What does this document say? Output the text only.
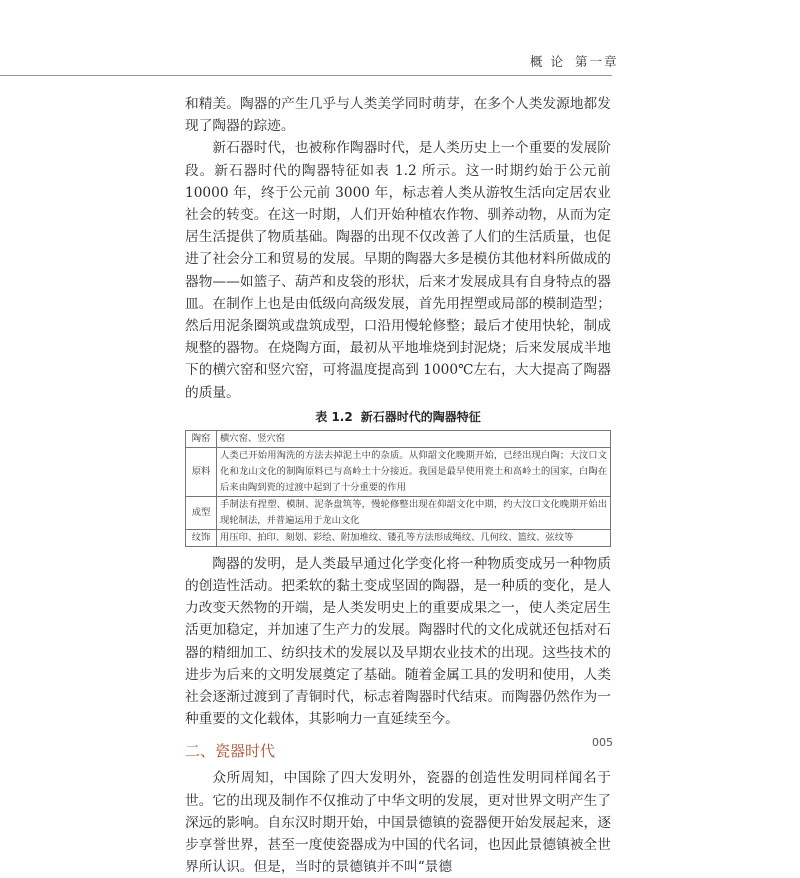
概 论 第一章

和精美。陶器的产生几乎与人类美学同时萌芽，在多个人类发源地都发现了陶器的踪迹。

新石器时代，也被称作陶器时代，是人类历史上一个重要的发展阶段。新石器时代的陶器特征如表 1.2 所示。这一时期约始于公元前 10000 年，终于公元前 3000 年，标志着人类从游牧生活向定居农业社会的转变。在这一时期，人们开始种植农作物、驯养动物，从而为定居生活提供了物质基础。陶器的出现不仅改善了人们的生活质量，也促进了社会分工和贸易的发展。早期的陶器大多是模仿其他材料所做成的器物——如篮子、葫芦和皮袋的形状，后来才发展成具有自身特点的器皿。在制作上也是由低级向高级发展，首先用捏塑或局部的模制造型；然后用泥条圈筑或盘筑成型，口沿用慢轮修整；最后才使用快轮，制成规整的器物。在烧陶方面，最初从平地堆烧到封泥烧；后来发展成半地下的横穴窑和竖穴窑，可将温度提高到 1000℃左右，大大提高了陶器的质量。

表 1.2 新石器时代的陶器特征
陶窑	横穴窑、竖穴窑
原料	人类已开始用淘洗的方法去掉泥土中的杂质。从仰韶文化晚期开始，已经出现白陶；大汶口文化和龙山文化的制陶原料已与高岭土十分接近。我国是最早使用瓷土和高岭土的国家，白陶在后来由陶到瓷的过渡中起到了十分重要的作用
成型	手制法有捏塑、模制、泥条盘筑等，慢轮修整出现在仰韶文化中期，约大汶口文化晚期开始出现轮制法，并普遍运用于龙山文化
纹饰	用压印、拍印、刻划、彩绘、附加堆纹、镂孔等方法形成绳纹、几何纹、篮纹、弦纹等

陶器的发明，是人类最早通过化学变化将一种物质变成另一种物质的创造性活动。把柔软的黏土变成坚固的陶器，是一种质的变化，是人力改变天然物的开端，是人类发明史上的重要成果之一，使人类定居生活更加稳定，并加速了生产力的发展。陶器时代的文化成就还包括对石器的精细加工、纺织技术的发展以及早期农业技术的出现。这些技术的进步为后来的文明发展奠定了基础。随着金属工具的发明和使用，人类社会逐渐过渡到了青铜时代，标志着陶器时代结束。而陶器仍然作为一种重要的文化载体，其影响力一直延续至今。

二、瓷器时代

众所周知，中国除了四大发明外，瓷器的创造性发明同样闻名于世。它的出现及制作不仅推动了中华文明的发展，更对世界文明产生了深远的影响。自东汉时期开始，中国景德镇的瓷器便开始发展起来，逐步享誉世界，甚至一度使瓷器成为中国的代名词，也因此景德镇被全世界所认识。但是，当时的景德镇并不叫“景德

005
